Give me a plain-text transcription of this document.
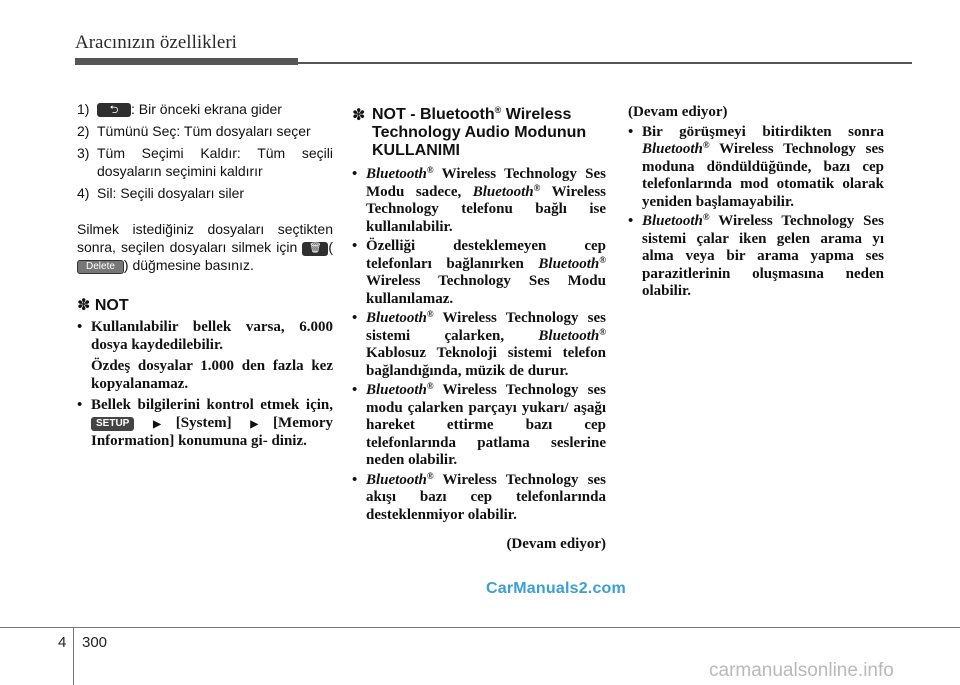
Aracınızın özellikleri
1) ⮌ : Bir önceki ekrana gider
2) Tümünü Seç: Tüm dosyaları seçer
3) Tüm Seçimi Kaldır: Tüm seçili dosyaların seçimini kaldırır
4) Sil: Seçili dosyaları siler

Silmek istediğiniz dosyaları seçtikten sonra, seçilen dosyaları silmek için 🗑 (Delete ) düğmesine basınız.

✽ NOT
• Kullanılabilir bellek varsa, 6.000 dosya kaydedilebilir.
Özdeş dosyalar 1.000 den fazla kez kopyalanamaz.
• Bellek bilgilerini kontrol etmek için, SETUP ▶ [System] ▶ [Memory Information] konumuna gi- diniz.
✽ NOT - Bluetooth® Wireless Technology Audio Modunun KULLANIMI
• Bluetooth® Wireless Technology Ses Modu sadece, Bluetooth® Wireless Technology telefonu bağlı ise kullanılabilir.
• Özelliği desteklemeyen cep telefonları bağlanırken Bluetooth® Wireless Technology Ses Modu kullanılamaz.
• Bluetooth® Wireless Technology ses sistemi çalarken, Bluetooth® Kablosuz Teknoloji sistemi telefon bağlandığında, müzik de durur.
• Bluetooth® Wireless Technology ses modu çalarken parçayı yukarı/ aşağı hareket ettirme bazı cep telefonlarında patlama seslerine neden olabilir.
• Bluetooth® Wireless Technology ses akışı bazı cep telefonlarında desteklenmiyor olabilir.
(Devam ediyor)
(Devam ediyor)
• Bir görüşmeyi bitirdikten sonra Bluetooth® Wireless Technology ses moduna döndüldüğünde, bazı cep telefonlarında mod otomatik olarak yeniden başlamayabilir.
• Bluetooth® Wireless Technology Ses sistemi çalar iken gelen arama yı alma veya bir arama yapma ses parazitlerinin oluşmasına neden olabilir.
CarManuals2.com
4 300
carmanualsonline.info
